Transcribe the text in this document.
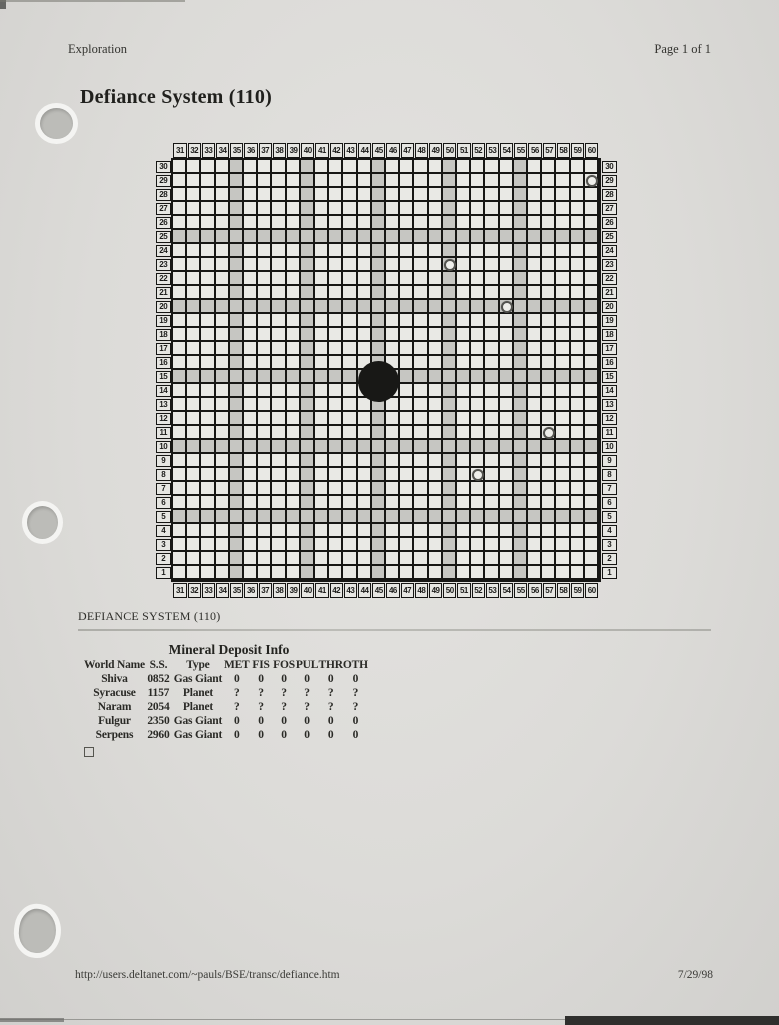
Exploration	Page 1 of 1
Defiance System (110)
31
31
32
32
33
33
34
34
35
35
36
36
37
37
38
38
39
39
40
40
41
41
42
42
43
43
44
44
45
45
46
46
47
47
48
48
49
49
50
50
51
51
52
52
53
53
54
54
55
55
56
56
57
57
58
58
59
59
60
60
30	30
29	29
28	28
27	27
26	26
25	25
24	24
23	23
22	22
21	21
20	20
19	19
18	18
17	17
16	16
15	15
14	14
13	13
12	12
11	11
10	10
9	9
8	8
7	7
6	6
5	5
4	4
3	3
2	2
1	1
DEFIANCE SYSTEM (110)
Mineral Deposit Info
World Name	S.S.	Type	MET	FIS	FOS	PUL	THR	OTH
Shiva	0852	Gas Giant	0	0	0	0	0	0
Syracuse	1157	Planet	?	?	?	?	?	?
Naram	2054	Planet	?	?	?	?	?	?
Fulgur	2350	Gas Giant	0	0	0	0	0	0
Serpens	2960	Gas Giant	0	0	0	0	0	0
http://users.deltanet.com/~pauls/BSE/transc/defiance.htm	7/29/98
